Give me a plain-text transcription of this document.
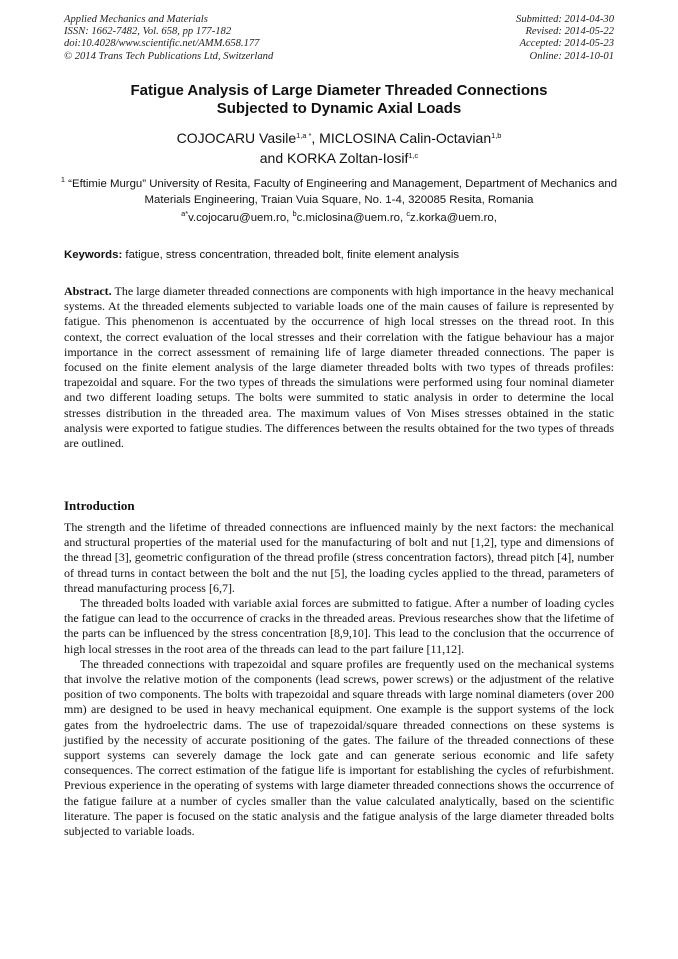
Applied Mechanics and Materials
ISSN: 1662-7482, Vol. 658, pp 177-182
doi:10.4028/www.scientific.net/AMM.658.177
© 2014 Trans Tech Publications Ltd, Switzerland
Submitted: 2014-04-30
Revised: 2014-05-22
Accepted: 2014-05-23
Online: 2014-10-01
Fatigue Analysis of Large Diameter Threaded Connections
Subjected to Dynamic Axial Loads
COJOCARU Vasile$^{1,a *}$, MICLOSINA Calin-Octavian$^{1,b}$
and KORKA Zoltan-Iosif$^{1,c}$
$^1$ “Eftimie Murgu” University of Resita, Faculty of Engineering and Management, Department of Mechanics and Materials Engineering, Traian Vuia Square, No. 1-4, 320085 Resita, Romania
$^{a*}$v.cojocaru@uem.ro, $^b$c.miclosina@uem.ro, $^c$z.korka@uem.ro,
Keywords: fatigue, stress concentration, threaded bolt, finite element analysis
Abstract. The large diameter threaded connections are components with high importance in the heavy mechanical systems. At the threaded elements subjected to variable loads one of the main causes of failure is represented by fatigue. This phenomenon is accentuated by the occurrence of high local stresses on the thread root. In this context, the correct evaluation of the local stresses and their correlation with the fatigue behaviour has a major importance in the correct assessment of remaining life of large diameter threaded connections. The paper is focused on the finite element analysis of the large diameter threaded bolts with two types of threads profiles: trapezoidal and square. For the two types of threads the simulations were performed using four nominal diameter and two different loading setups. The bolts were summited to static analysis in order to determine the local stresses distribution in the threaded area. The maximum values of Von Mises stresses obtained in the static analysis were exported to fatigue studies. The differences between the results obtained for the two types of threads are outlined.
Introduction

The strength and the lifetime of threaded connections are influenced mainly by the next factors: the mechanical and structural properties of the material used for the manufacturing of bolt and nut [1,2], type and dimensions of the thread [3], geometric configuration of the thread profile (stress concentration factors), thread pitch [4], number of thread turns in contact between the bolt and the nut [5], the loading cycles applied to the thread, parameters of thread manufacturing process [6,7].

The threaded bolts loaded with variable axial forces are submitted to fatigue. After a number of loading cycles the fatigue can lead to the occurrence of cracks in the threaded areas. Previous researches show that the lifetime of the parts can be influenced by the stress concentration [8,9,10]. This lead to the conclusion that the occurrence of high local stresses in the root area of the threads can lead to the part failure [11,12].

The threaded connections with trapezoidal and square profiles are frequently used on the mechanical systems that involve the relative motion of the components (lead screws, power screws) or the adjustment of the relative position of two components. The bolts with trapezoidal and square threads with large nominal diameters (over 200 mm) are designed to be used in heavy mechanical equipment. One example is the support systems of the lock gates from the hydroelectric dams. The use of trapezoidal/square threaded connections on these systems is justified by the necessity of accurate positioning of the gates. The failure of the threaded connections of these support systems can severely damage the lock gate and can generate serious economic and life safety consequences. The correct estimation of the fatigue life is important for establishing the cycles of refurbishment. Previous experience in the operating of systems with large diameter threaded connections shows the occurrence of the fatigue failure at a number of cycles smaller than the value calculated analytically, based on the scientific literature. The paper is focused on the static analysis and the fatigue analysis of the large diameter threaded bolts subjected to variable loads.
